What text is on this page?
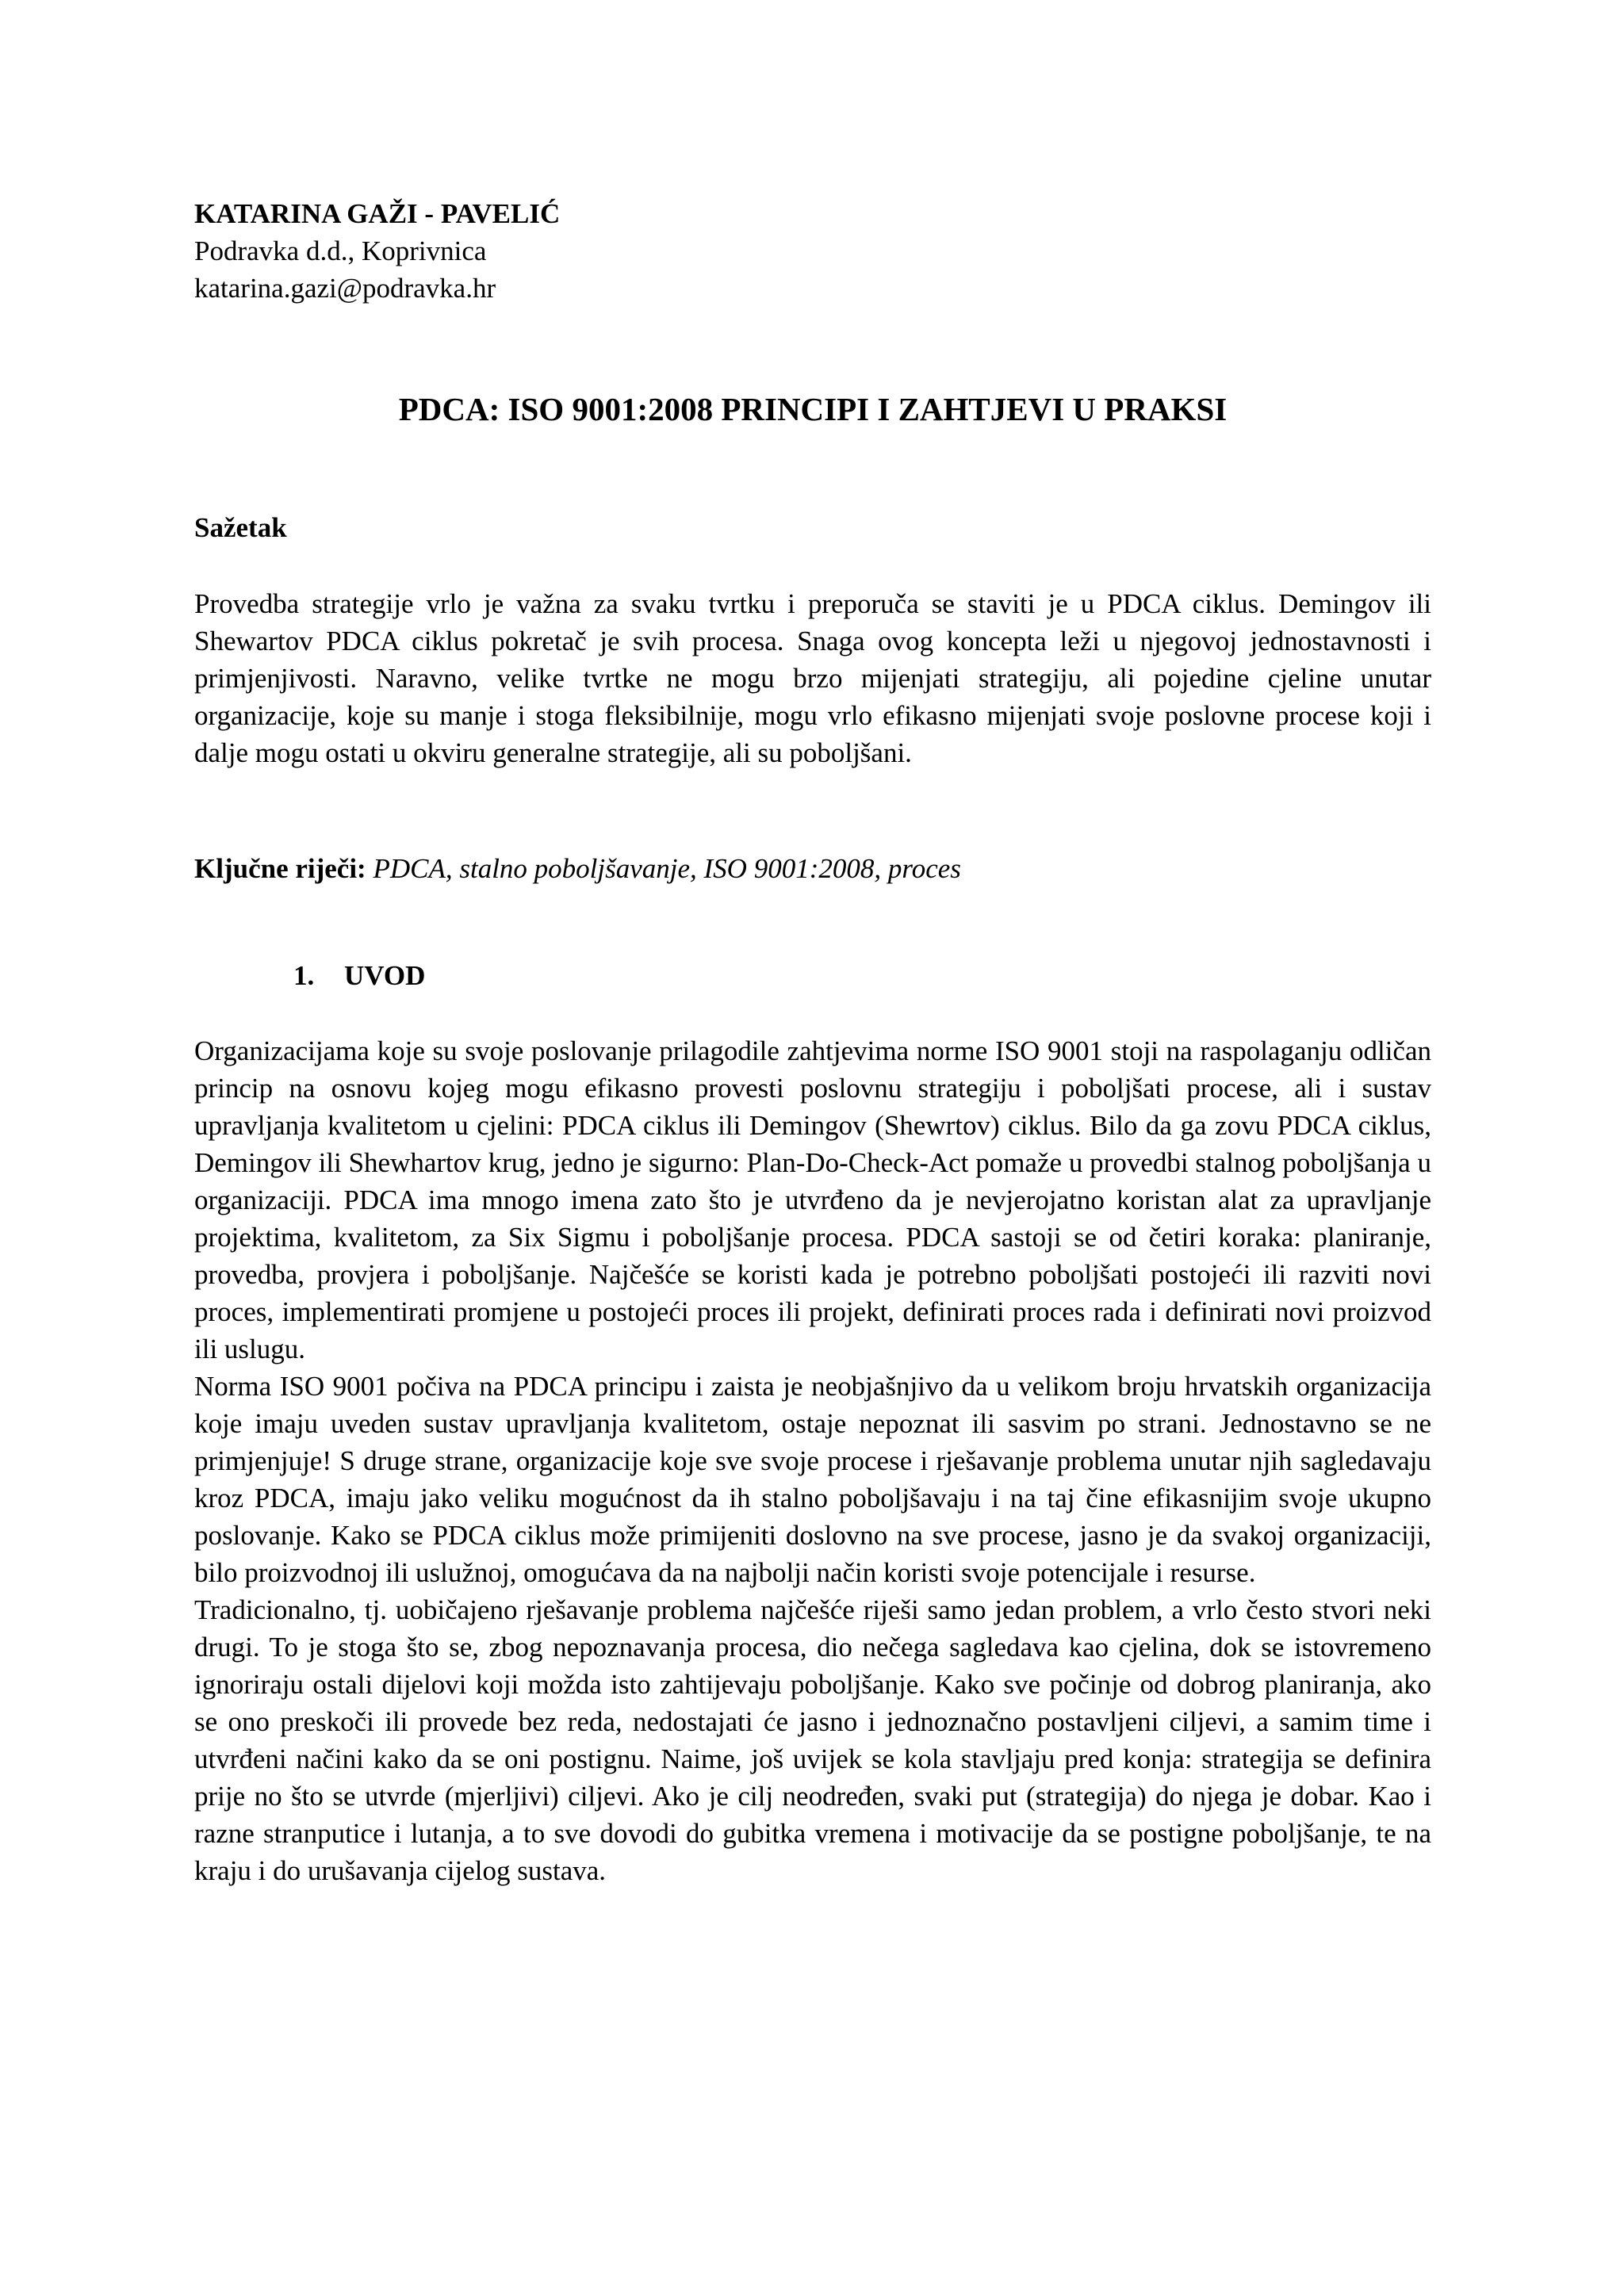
KATARINA GAŽI - PAVELIĆ
Podravka d.d., Koprivnica
katarina.gazi@podravka.hr
PDCA: ISO 9001:2008 PRINCIPI I ZAHTJEVI U PRAKSI
Sažetak

Provedba strategije vrlo je važna za svaku tvrtku i preporuča se staviti je u PDCA ciklus. Demingov ili Shewartov PDCA ciklus pokretač je svih procesa. Snaga ovog koncepta leži u njegovoj jednostavnosti i primjenjivosti. Naravno, velike tvrtke ne mogu brzo mijenjati strategiju, ali pojedine cjeline unutar organizacije, koje su manje i stoga fleksibilnije, mogu vrlo efikasno mijenjati svoje poslovne procese koji i dalje mogu ostati u okviru generalne strategije, ali su poboljšani.

Ključne riječi: PDCA, stalno poboljšavanje, ISO 9001:2008, proces
1. UVOD

Organizacijama koje su svoje poslovanje prilagodile zahtjevima norme ISO 9001 stoji na raspolaganju odličan princip na osnovu kojeg mogu efikasno provesti poslovnu strategiju i poboljšati procese, ali i sustav upravljanja kvalitetom u cjelini: PDCA ciklus ili Demingov (Shewrtov) ciklus. Bilo da ga zovu PDCA ciklus, Demingov ili Shewhartov krug, jedno je sigurno: Plan-Do-Check-Act pomaže u provedbi stalnog poboljšanja u organizaciji. PDCA ima mnogo imena zato što je utvrđeno da je nevjerojatno koristan alat za upravljanje projektima, kvalitetom, za Six Sigmu i poboljšanje procesa. PDCA sastoji se od četiri koraka: planiranje, provedba, provjera i poboljšanje. Najčešće se koristi kada je potrebno poboljšati postojeći ili razviti novi proces, implementirati promjene u postojeći proces ili projekt, definirati proces rada i definirati novi proizvod ili uslugu.

Norma ISO 9001 počiva na PDCA principu i zaista je neobjašnjivo da u velikom broju hrvatskih organizacija koje imaju uveden sustav upravljanja kvalitetom, ostaje nepoznat ili sasvim po strani. Jednostavno se ne primjenjuje! S druge strane, organizacije koje sve svoje procese i rješavanje problema unutar njih sagledavaju kroz PDCA, imaju jako veliku mogućnost da ih stalno poboljšavaju i na taj čine efikasnijim svoje ukupno poslovanje. Kako se PDCA ciklus može primijeniti doslovno na sve procese, jasno je da svakoj organizaciji, bilo proizvodnoj ili uslužnoj, omogućava da na najbolji način koristi svoje potencijale i resurse.

Tradicionalno, tj. uobičajeno rješavanje problema najčešće riješi samo jedan problem, a vrlo često stvori neki drugi. To je stoga što se, zbog nepoznavanja procesa, dio nečega sagledava kao cjelina, dok se istovremeno ignoriraju ostali dijelovi koji možda isto zahtijevaju poboljšanje. Kako sve počinje od dobrog planiranja, ako se ono preskoči ili provede bez reda, nedostajati će jasno i jednoznačno postavljeni ciljevi, a samim time i utvrđeni načini kako da se oni postignu. Naime, još uvijek se kola stavljaju pred konja: strategija se definira prije no što se utvrde (mjerljivi) ciljevi. Ako je cilj neodređen, svaki put (strategija) do njega je dobar. Kao i razne stranputice i lutanja, a to sve dovodi do gubitka vremena i motivacije da se postigne poboljšanje, te na kraju i do urušavanja cijelog sustava.
